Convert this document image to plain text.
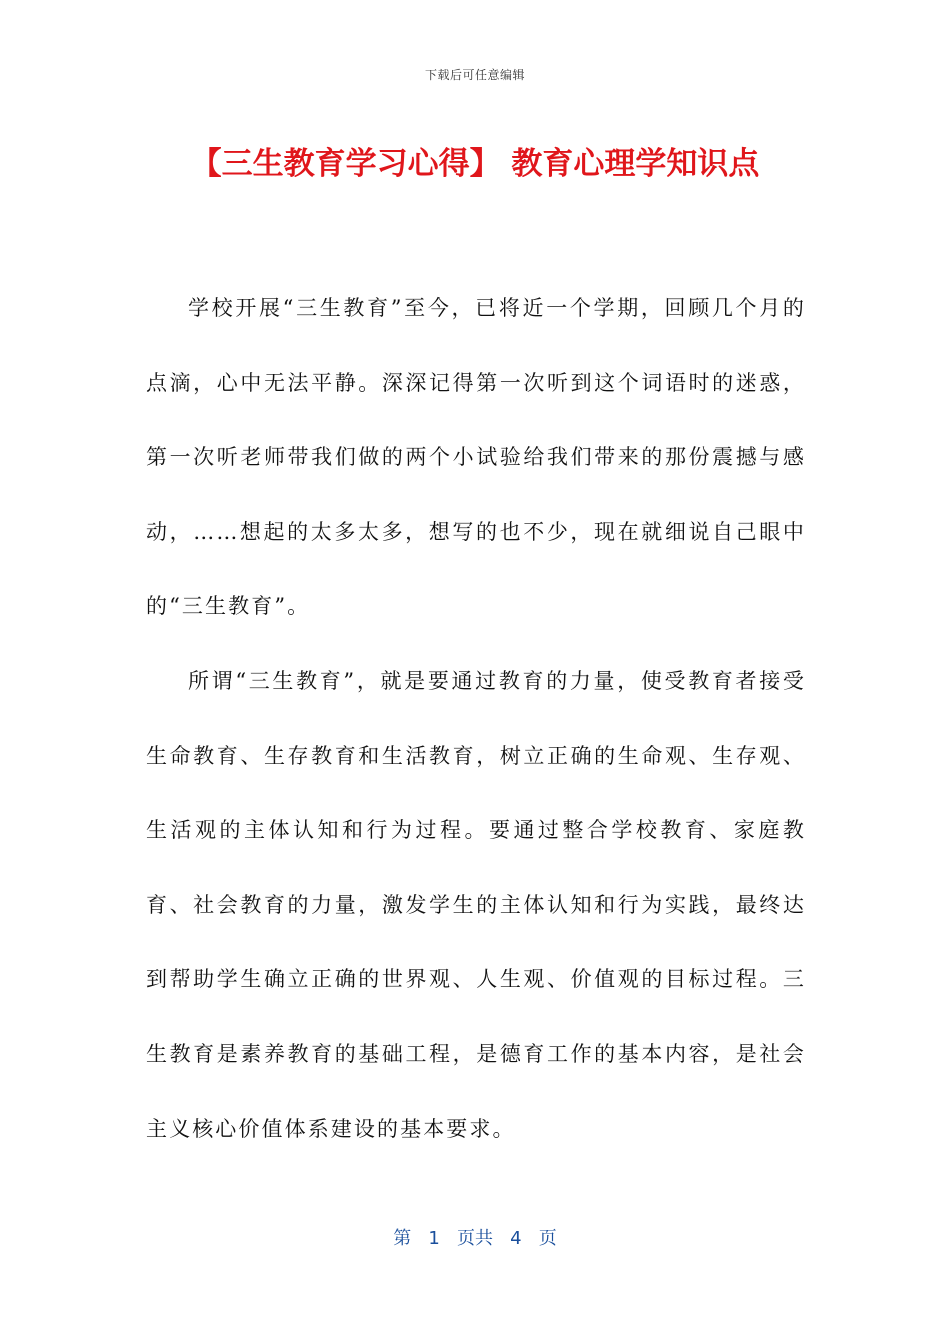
下载后可任意编辑
【三生教育学习心得】 教育心理学知识点

学校开展“三生教育”至今，已将近一个学期，回顾几个月的点滴，心中无法平静。深深记得第一次听到这个词语时的迷惑，第一次听老师带我们做的两个小试验给我们带来的那份震撼与感动，……想起的太多太多，想写的也不少，现在就细说自己眼中的“三生教育”。

所谓“三生教育”，就是要通过教育的力量，使受教育者接受生命教育、生存教育和生活教育，树立正确的生命观、生存观、生活观的主体认知和行为过程。要通过整合学校教育、家庭教育、社会教育的力量，激发学生的主体认知和行为实践，最终达到帮助学生确立正确的世界观、人生观、价值观的目标过程。三生教育是素养教育的基础工程，是德育工作的基本内容，是社会主义核心价值体系建设的基本要求。

第 1 页共 4 页
